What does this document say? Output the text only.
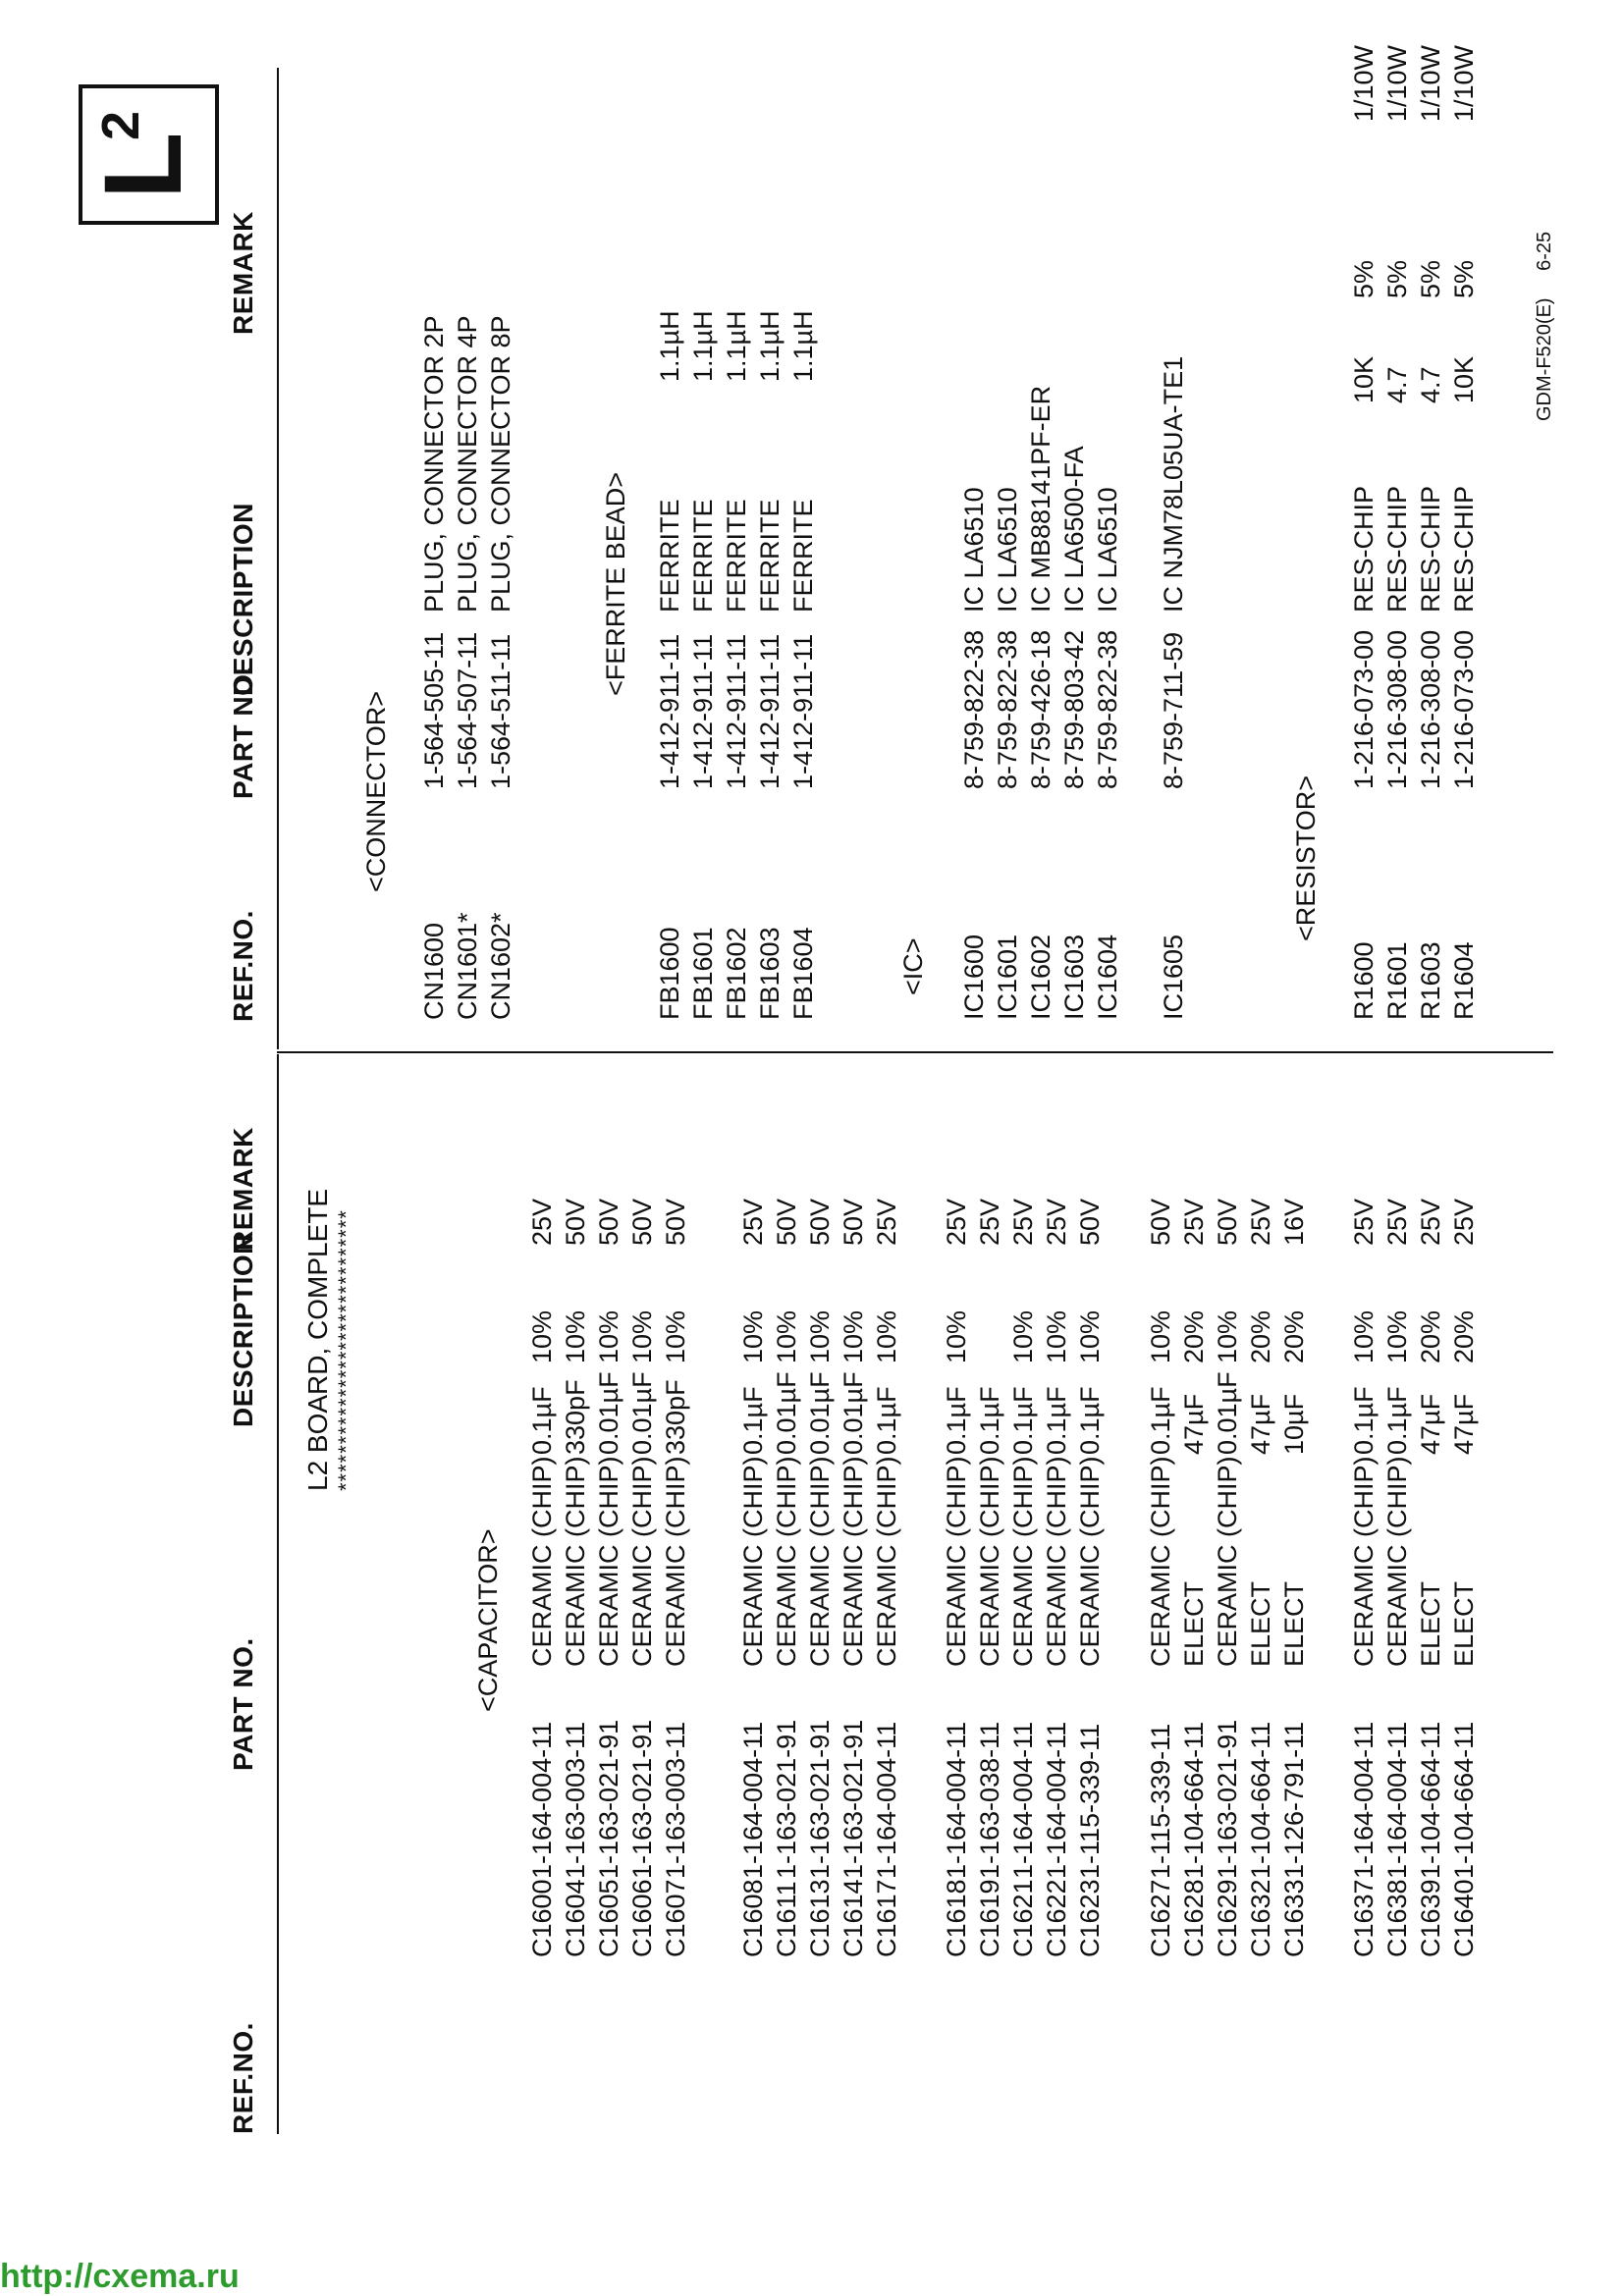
L
2
REF.NO.
PART NO.
DESCRIPTION
REMARK
REF.NO.
PART NO.
DESCRIPTION
REMARK
L2 BOARD, COMPLETE ******************************
<CAPACITOR>
<CONNECTOR>
<FERRITE BEAD>
<IC>
<RESISTOR>
GDM-F520(E) 6-25
C1600
1-164-004-11
CERAMIC (CHIP)
0.1µF
10%
25V
C1604
1-163-003-11
CERAMIC (CHIP)
330pF
10%
50V
C1605
1-163-021-91
CERAMIC (CHIP)
0.01µF
10%
50V
C1606
1-163-021-91
CERAMIC (CHIP)
0.01µF
10%
50V
C1607
1-163-003-11
CERAMIC (CHIP)
330pF
10%
50V
C1608
1-164-004-11
CERAMIC (CHIP)
0.1µF
10%
25V
C1611
1-163-021-91
CERAMIC (CHIP)
0.01µF
10%
50V
C1613
1-163-021-91
CERAMIC (CHIP)
0.01µF
10%
50V
C1614
1-163-021-91
CERAMIC (CHIP)
0.01µF
10%
50V
C1617
1-164-004-11
CERAMIC (CHIP)
0.1µF
10%
25V
C1618
1-164-004-11
CERAMIC (CHIP)
0.1µF
10%
25V
C1619
1-163-038-11
CERAMIC (CHIP)
0.1µF
25V
C1621
1-164-004-11
CERAMIC (CHIP)
0.1µF
10%
25V
C1622
1-164-004-11
CERAMIC (CHIP)
0.1µF
10%
25V
C1623
1-115-339-11
CERAMIC (CHIP)
0.1µF
10%
50V
C1627
1-115-339-11
CERAMIC (CHIP)
0.1µF
10%
50V
C1628
1-104-664-11
ELECT
47µF
20%
25V
C1629
1-163-021-91
CERAMIC (CHIP)
0.01µF
10%
50V
C1632
1-104-664-11
ELECT
47µF
20%
25V
C1633
1-126-791-11
ELECT
10µF
20%
16V
C1637
1-164-004-11
CERAMIC (CHIP)
0.1µF
10%
25V
C1638
1-164-004-11
CERAMIC (CHIP)
0.1µF
10%
25V
C1639
1-104-664-11
ELECT
47µF
20%
25V
C1640
1-104-664-11
ELECT
47µF
20%
25V
CN1600
1-564-505-11
PLUG, CONNECTOR 2P
CN1601*
1-564-507-11
PLUG, CONNECTOR 4P
CN1602*
1-564-511-11
PLUG, CONNECTOR 8P
FB1600
1-412-911-11
FERRITE
1.1µH
FB1601
1-412-911-11
FERRITE
1.1µH
FB1602
1-412-911-11
FERRITE
1.1µH
FB1603
1-412-911-11
FERRITE
1.1µH
FB1604
1-412-911-11
FERRITE
1.1µH
IC1600
8-759-822-38
IC LA6510
IC1601
8-759-822-38
IC LA6510
IC1602
8-759-426-18
IC MB88141PF-ER
IC1603
8-759-803-42
IC LA6500-FA
IC1604
8-759-822-38
IC LA6510
IC1605
8-759-711-59
IC NJM78L05UA-TE1
R1600
1-216-073-00
RES-CHIP
10K
5%
1/10W
R1601
1-216-308-00
RES-CHIP
4.7
5%
1/10W
R1603
1-216-308-00
RES-CHIP
4.7
5%
1/10W
R1604
1-216-073-00
RES-CHIP
10K
5%
1/10W
http://cxema.ru
